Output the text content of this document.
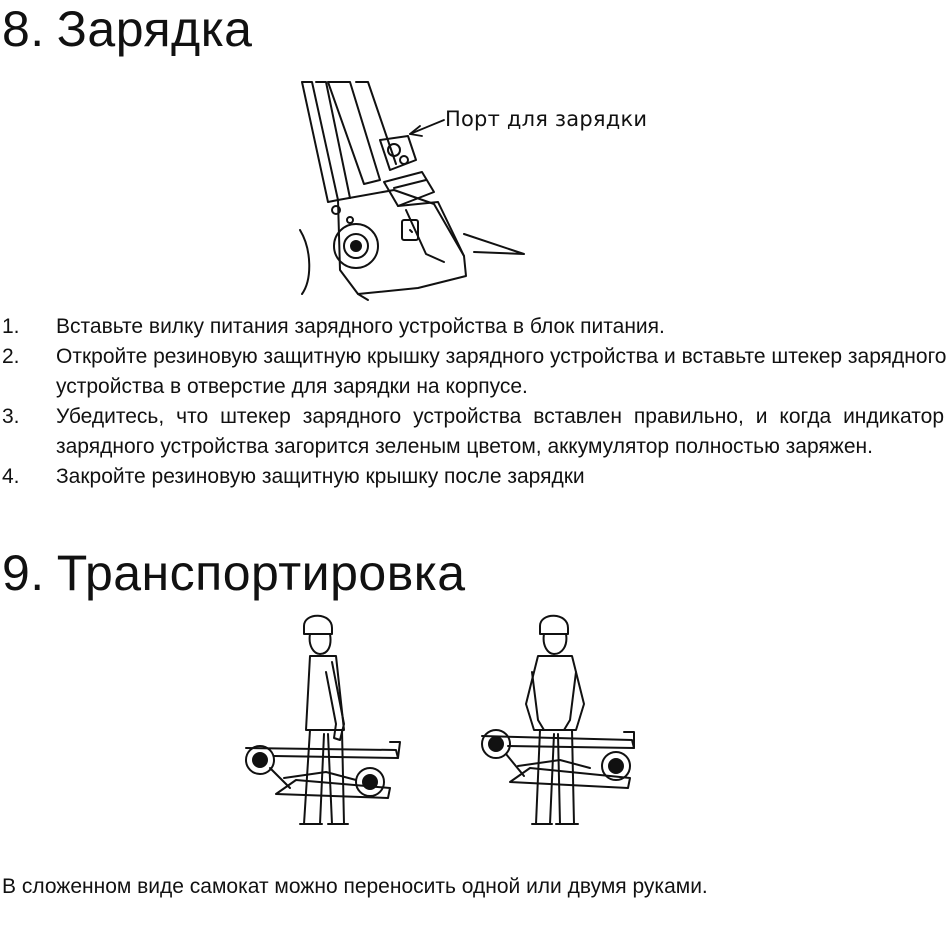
8. Зарядка
Порт для зарядки
1. Вставьте вилку питания зарядного устройства в блок питания.
2. Откройте резиновую защитную крышку зарядного устройства и вставьте штекер зарядного устройства в отверстие для зарядки на корпусе.
3. Убедитесь, что штекер зарядного устройства вставлен правильно, и когда индикатор зарядного устройства загорится зеленым цветом, аккумулятор полностью заряжен.
4. Закройте резиновую защитную крышку после зарядки
9. Транспортировка
В сложенном виде самокат можно переносить одной или двумя руками.
